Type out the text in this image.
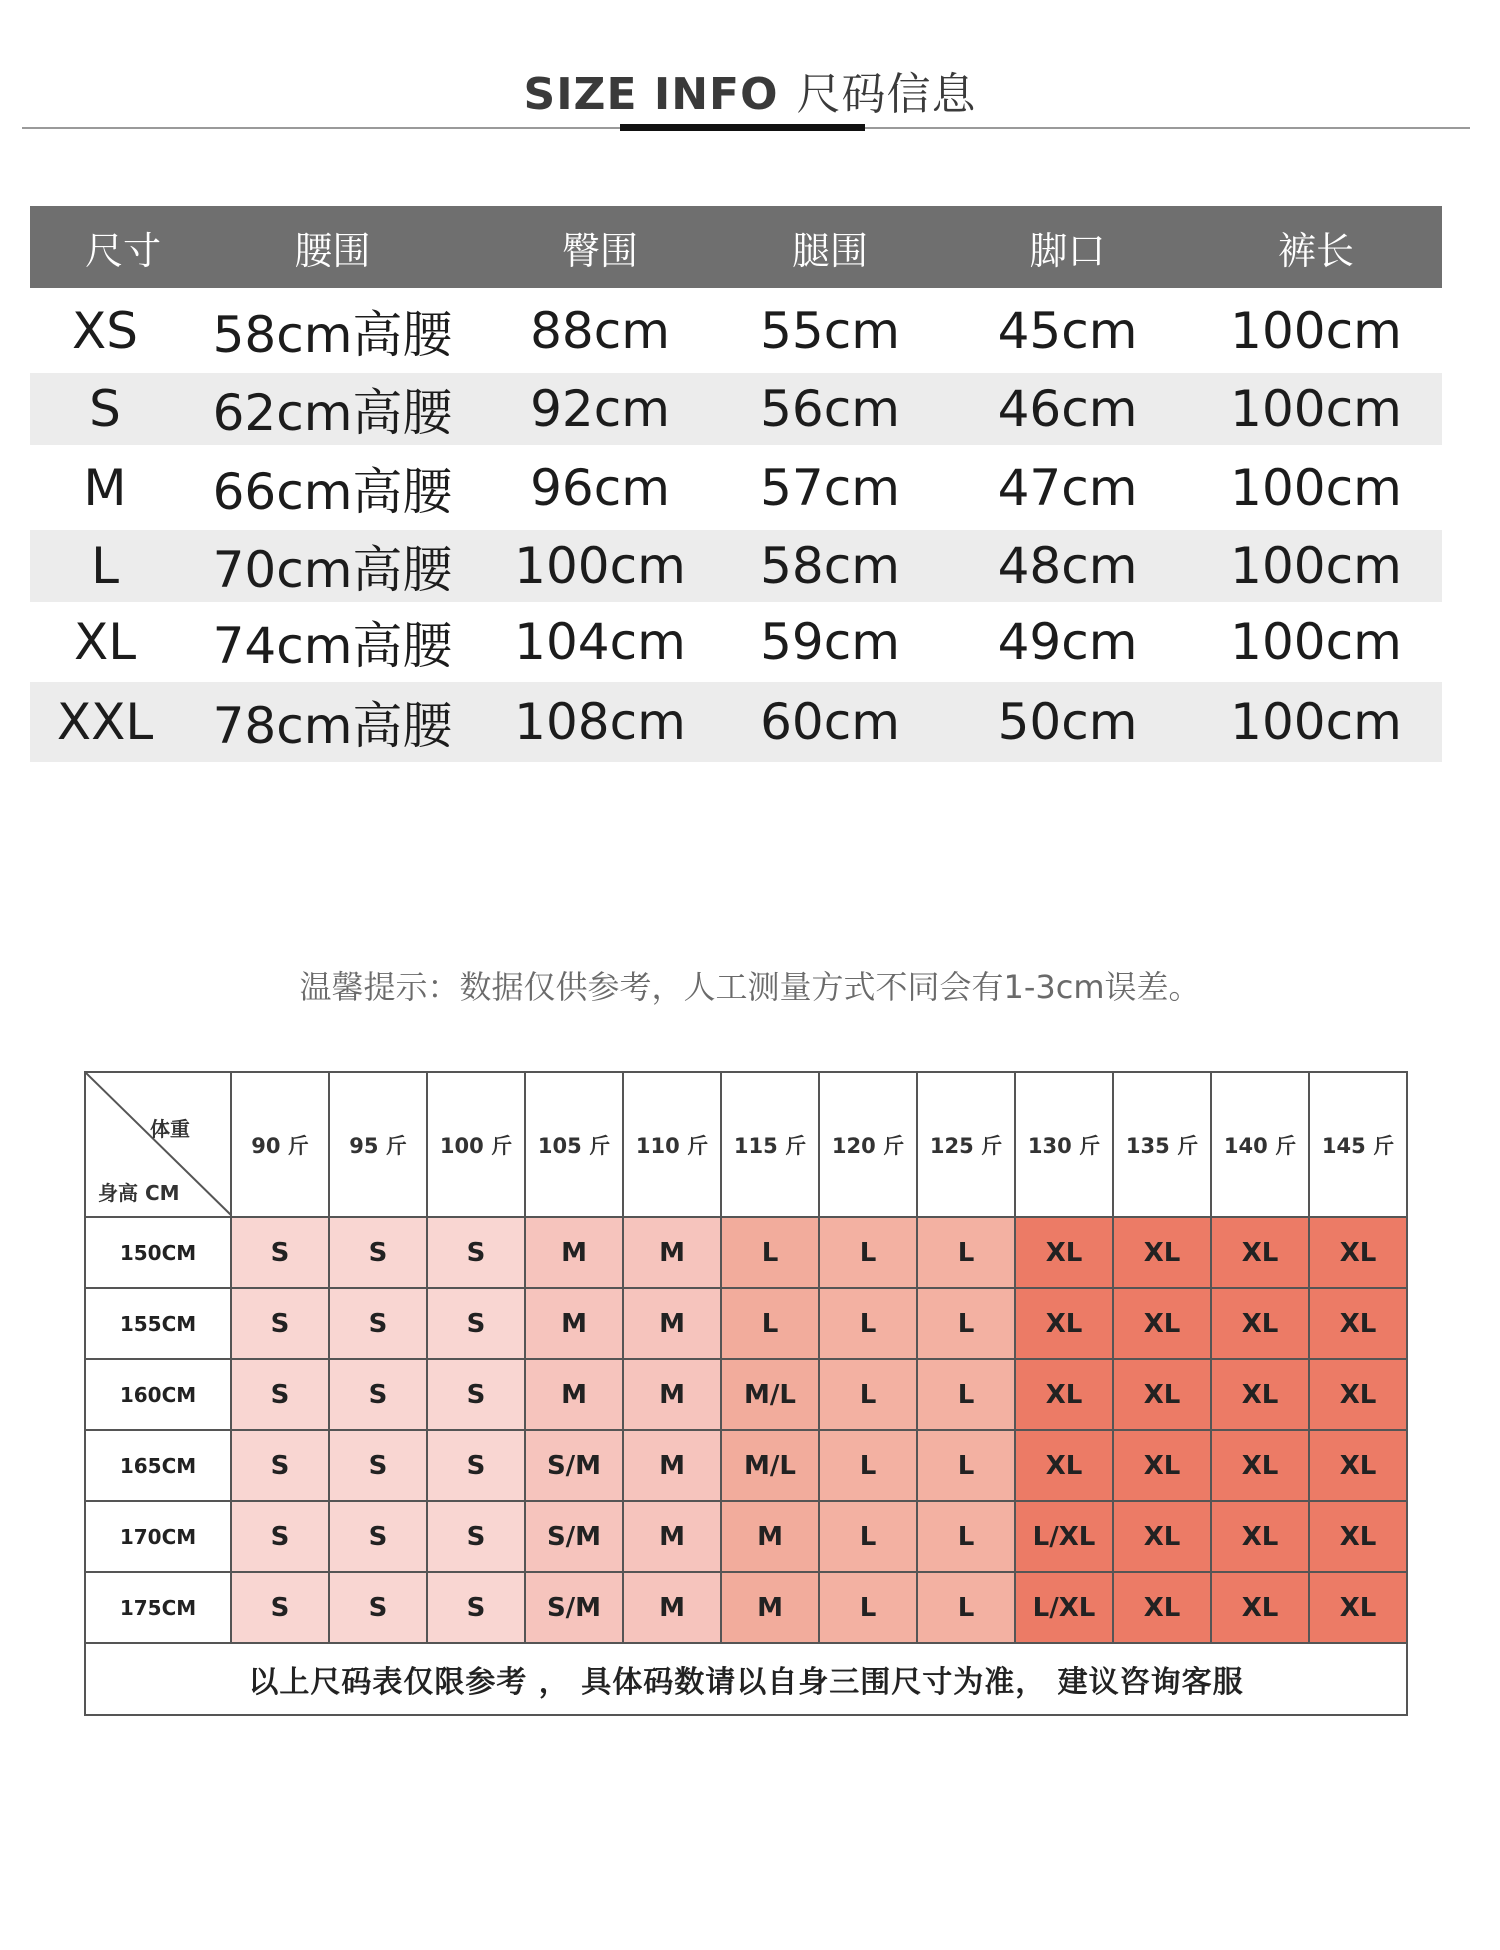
SIZE INFO 尺码信息
尺寸	腰围	臀围	腿围	脚口	裤长
XS	58cm高腰	88cm	55cm	45cm	100cm
S	62cm高腰	92cm	56cm	46cm	100cm
M	66cm高腰	96cm	57cm	47cm	100cm
L	70cm高腰	100cm	58cm	48cm	100cm
XL	74cm高腰	104cm	59cm	49cm	100cm
XXL	78cm高腰	108cm	60cm	50cm	100cm
温馨提示：数据仅供参考，人工测量方式不同会有1-3cm误差。
体重
身高 CM	90 斤	95 斤	100 斤	105 斤	110 斤	115 斤	120 斤	125 斤	130 斤	135 斤	140 斤	145 斤
150CM	S	S	S	M	M	L	L	L	XL	XL	XL	XL
155CM	S	S	S	M	M	L	L	L	XL	XL	XL	XL
160CM	S	S	S	M	M	M/L	L	L	XL	XL	XL	XL
165CM	S	S	S	S/M	M	M/L	L	L	XL	XL	XL	XL
170CM	S	S	S	S/M	M	M	L	L	L/XL	XL	XL	XL
175CM	S	S	S	S/M	M	M	L	L	L/XL	XL	XL	XL
以上尺码表仅限参考 ， 具体码数请以自身三围尺寸为准， 建议咨询客服												
